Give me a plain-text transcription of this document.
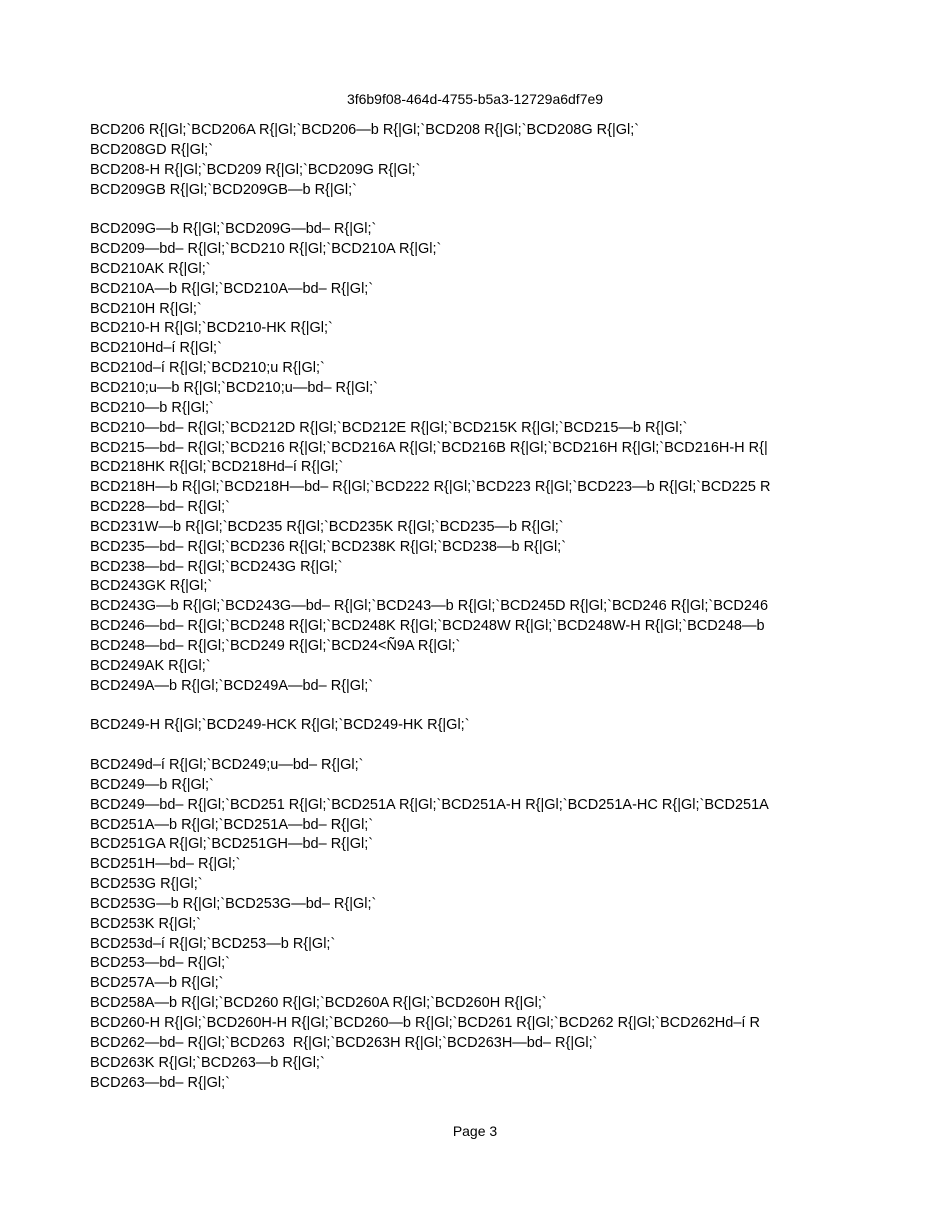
3f6b9f08-464d-4755-b5a3-12729a6df7e9
BCD206 R{|Gl;`BCD206A R{|Gl;`BCD206—b R{|Gl;`BCD208 R{|Gl;`BCD208G R{|Gl;`
BCD208GD R{|Gl;`
BCD208-H R{|Gl;`BCD209 R{|Gl;`BCD209G R{|Gl;`
BCD209GB R{|Gl;`BCD209GB—b R{|Gl;`
BCD209G—b R{|Gl;`BCD209G—bd– R{|Gl;`
BCD209—bd– R{|Gl;`BCD210 R{|Gl;`BCD210A R{|Gl;`
BCD210AK R{|Gl;`
BCD210A—b R{|Gl;`BCD210A—bd– R{|Gl;`
BCD210H R{|Gl;`
BCD210-H R{|Gl;`BCD210-HK R{|Gl;`
BCD210Hd–í R{|Gl;`
BCD210d–í R{|Gl;`BCD210;u R{|Gl;`
BCD210;u—b R{|Gl;`BCD210;u—bd– R{|Gl;`
BCD210—b R{|Gl;`
BCD210—bd– R{|Gl;`BCD212D R{|Gl;`BCD212E R{|Gl;`BCD215K R{|Gl;`BCD215—b R{|Gl;`
BCD215—bd– R{|Gl;`BCD216 R{|Gl;`BCD216A R{|Gl;`BCD216B R{|Gl;`BCD216H R{|Gl;`BCD216H-H R{|
BCD218HK R{|Gl;`BCD218Hd–í R{|Gl;`
BCD218H—b R{|Gl;`BCD218H—bd– R{|Gl;`BCD222 R{|Gl;`BCD223 R{|Gl;`BCD223—b R{|Gl;`BCD225 R
BCD228—bd– R{|Gl;`
BCD231W—b R{|Gl;`BCD235 R{|Gl;`BCD235K R{|Gl;`BCD235—b R{|Gl;`
BCD235—bd– R{|Gl;`BCD236 R{|Gl;`BCD238K R{|Gl;`BCD238—b R{|Gl;`
BCD238—bd– R{|Gl;`BCD243G R{|Gl;`
BCD243GK R{|Gl;`
BCD243G—b R{|Gl;`BCD243G—bd– R{|Gl;`BCD243—b R{|Gl;`BCD245D R{|Gl;`BCD246 R{|Gl;`BCD246
BCD246—bd– R{|Gl;`BCD248 R{|Gl;`BCD248K R{|Gl;`BCD248W R{|Gl;`BCD248W-H R{|Gl;`BCD248—b
BCD248—bd– R{|Gl;`BCD249 R{|Gl;`BCD24<Ñ9A R{|Gl;`
BCD249AK R{|Gl;`
BCD249A—b R{|Gl;`BCD249A—bd– R{|Gl;`
BCD249-H R{|Gl;`BCD249-HCK R{|Gl;`BCD249-HK R{|Gl;`
BCD249d–í R{|Gl;`BCD249;u—bd– R{|Gl;`
BCD249—b R{|Gl;`
BCD249—bd– R{|Gl;`BCD251 R{|Gl;`BCD251A R{|Gl;`BCD251A-H R{|Gl;`BCD251A-HC R{|Gl;`BCD251A
BCD251A—b R{|Gl;`BCD251A—bd– R{|Gl;`
BCD251GA R{|Gl;`BCD251GH—bd– R{|Gl;`
BCD251H—bd– R{|Gl;`
BCD253G R{|Gl;`
BCD253G—b R{|Gl;`BCD253G—bd– R{|Gl;`
BCD253K R{|Gl;`
BCD253d–í R{|Gl;`BCD253—b R{|Gl;`
BCD253—bd– R{|Gl;`
BCD257A—b R{|Gl;`
BCD258A—b R{|Gl;`BCD260 R{|Gl;`BCD260A R{|Gl;`BCD260H R{|Gl;`
BCD260-H R{|Gl;`BCD260H-H R{|Gl;`BCD260—b R{|Gl;`BCD261 R{|Gl;`BCD262 R{|Gl;`BCD262Hd–í R
BCD262—bd– R{|Gl;`BCD263  R{|Gl;`BCD263H R{|Gl;`BCD263H—bd– R{|Gl;`
BCD263K R{|Gl;`BCD263—b R{|Gl;`
BCD263—bd– R{|Gl;`
Page 3
